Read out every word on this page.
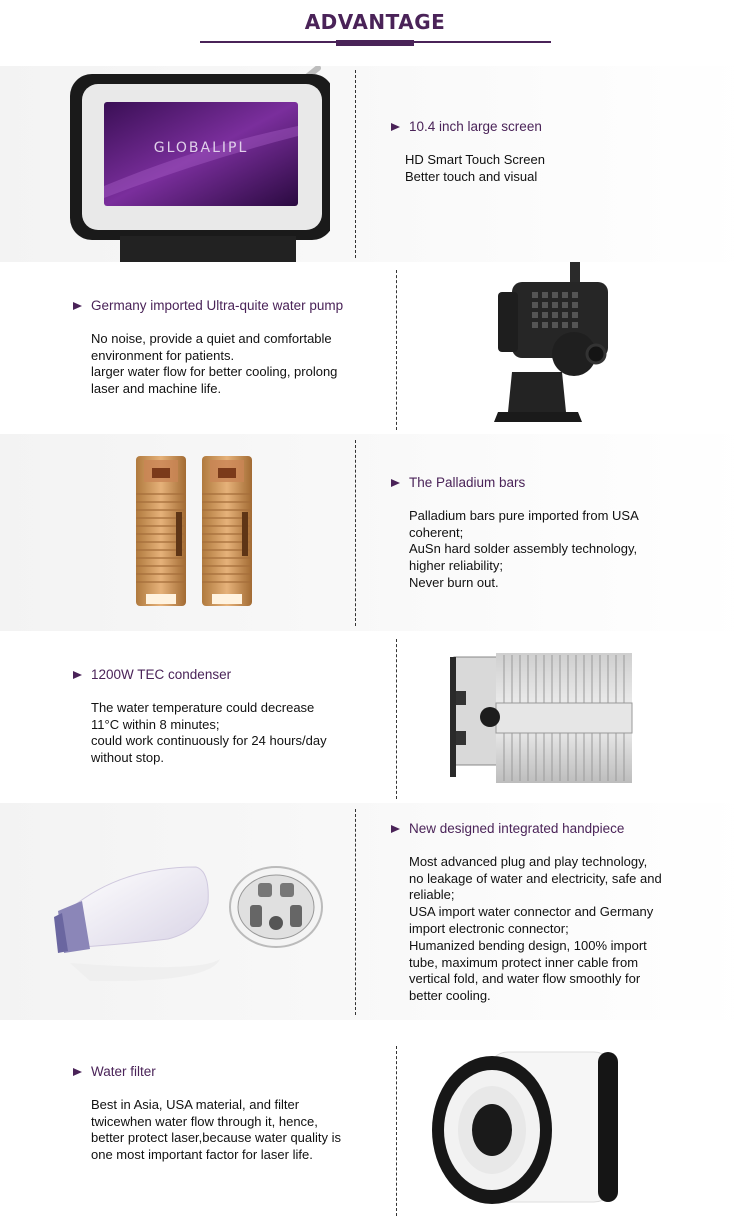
ADVANTAGE
GLOBALIPL
10.4 inch large screen

HD Smart Touch Screen

Better touch and visual

Germany imported Ultra-quite water pump

No noise, provide a quiet and comfortable

environment for patients.

larger water flow for better cooling, prolong

laser and machine life.

The Palladium bars

Palladium bars pure imported from USA

coherent;

AuSn hard solder assembly technology,

higher reliability;

Never burn out.

1200W TEC condenser

The water temperature could decrease

11°C within 8 minutes;

could work continuously for 24 hours/day

without stop.

New designed integrated handpiece

Most advanced plug and play technology,

no leakage of water and electricity, safe and

reliable;

USA import water connector and Germany

import electronic connector;

Humanized bending design, 100% import

tube, maximum protect inner cable from

vertical fold, and water flow smoothly for

better cooling.

Water filter

Best in Asia, USA material, and filter

twicewhen water flow through it, hence,

better protect laser,because water quality is

one most important factor for laser life.
